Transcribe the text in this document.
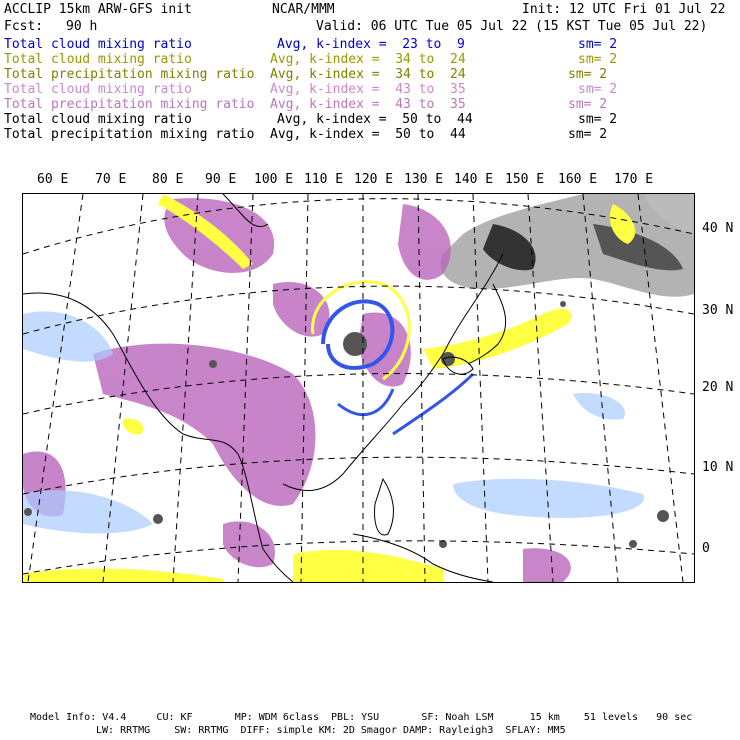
ACCLIP 15km ARW-GFS init	NCAR/MMM	Init: 12 UTC Fri 01 Jul 22
Fcst: 90 h	Valid: 06 UTC Tue 05 Jul 22 (15 KST Tue 05 Jul 22)
Total cloud mixing ratio	Avg, k-index =  23 to  9	sm= 2
Total cloud mixing ratio	Avg, k-index =  34 to  24	sm= 2
Total precipitation mixing ratio Avg, k-index =  34 to  24	sm= 2
Total cloud mixing ratio	Avg, k-index =  43 to  35	sm= 2
Total precipitation mixing ratio Avg, k-index =  43 to  35	sm= 2
Total cloud mixing ratio	Avg, k-index =  50 to  44	sm= 2
Total precipitation mixing ratio Avg, k-index =  50 to  44	sm= 2
60 E 70 E 80 E 90 E 100 E 110 E 120 E 130 E 140 E 150 E 160 E 170 E
40 N
30 N
20 N
10 N
0
Model Info: V4.4     CU: KF       MP: WDM 6class  PBL: YSU       SF: Noah LSM      15 km    51 levels   90 sec
LW: RRTMG    SW: RRTMG  DIFF: simple KM: 2D Smagor DAMP: Rayleigh3  SFLAY: MM5
